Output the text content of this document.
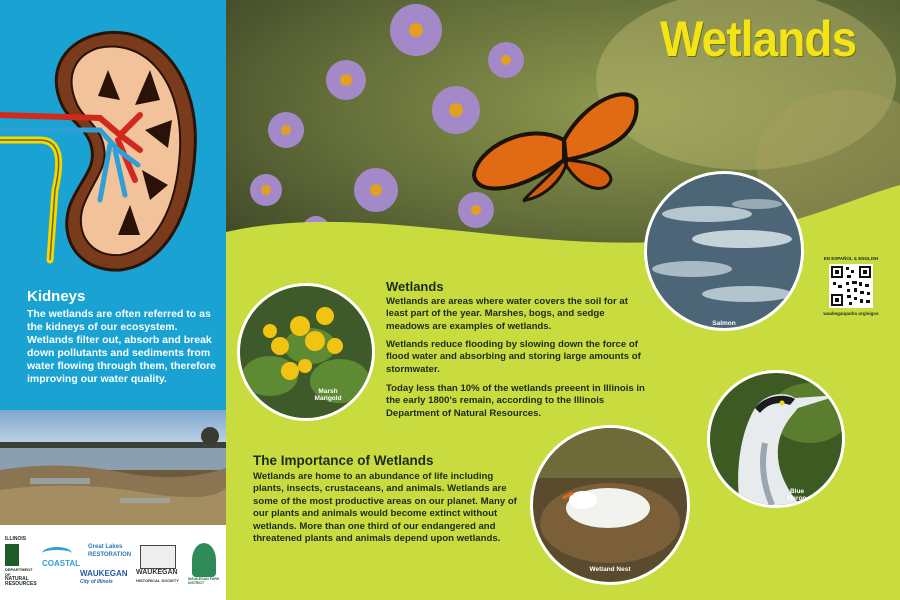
Kidneys
The wetlands are often referred to as the kidneys of our ecosystem. Wetlands filter out, absorb and break down pollutants and sediments from water flowing through them, therefore improving our water quality.
ILLINOIS
DEPARTMENT OF
NATURAL
RESOURCES
COASTAL
Great Lakes
RESTORATION
WAUKEGAN
City of Illinois
WAUKEGAN
HISTORICAL SOCIETY	WAUKEGAN PARK DISTRICT
Wetlands
Wetlands
Wetlands are areas where water covers the soil for at least part of the year. Marshes, bogs, and sedge meadows are examples of wetlands.
Wetlands reduce flooding by slowing down the force of flood water and absorbing and storing large amounts of stormwater.
Today less than 10% of the wetlands preeent in Illinois in the early 1800's remain, according to the Illinois Department of Natural Resources.
The Importance of Wetlands
Wetlands are home to an abundance of life including plants, insects, crustaceans, and animals. Wetlands are some of the most productive areas on our planet. Many of our plants and animals would become extinct without wetlands. More than one third of our endangered and threatened plants and animals depend upon wetlands.
Marsh
Marigold
Salmon
Blue
Heron
Wetland Nest
EN ESPAÑOL & ENGLISH
waukeganparks.org/signs
